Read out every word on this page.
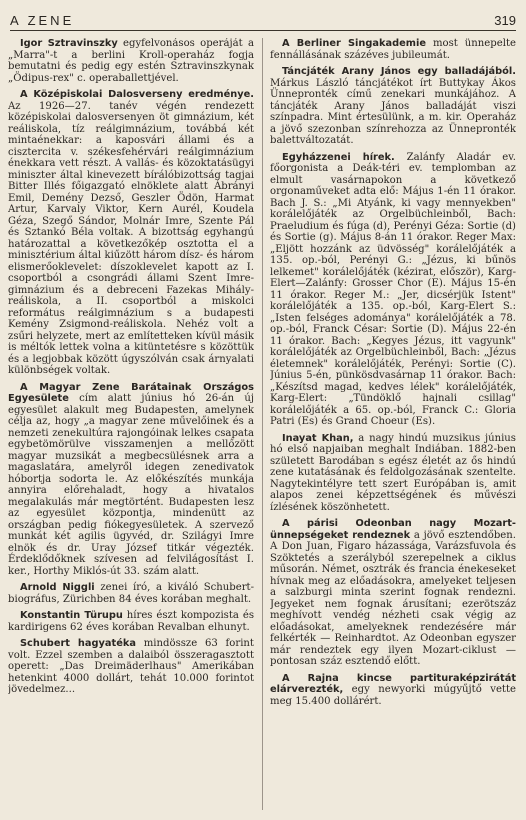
A ZENE	319

Igor Sztravinszky egyfelvonásos operáját a „Marra"-t a berlini Kroll-operaház fogja bemutatni és pedig egy estén Sztravinszkynak „Ödipus-rex" c. operaballettjével.

A Középiskolai Dalosverseny eredménye. Az 1926—27. tanév végén rendezett középiskolai dalosversenyen öt gimnázium, két reáliskola, tíz reálgimnázium, továbbá két mintaénekkar: a kaposvári állami és a cisztercita v. székesfehérvári reálgimnázium énekkara vett részt. A vallás- és közoktatásügyi miniszter által kinevezett bírálóbizottság tagjai Bitter Illés főigazgató elnöklete alatt Ábrányi Emil, Demény Dezső, Geszler Ödön, Harmat Artur, Karvaly Viktor, Kern Aurél, Koudela Géza, Szegő Sándor, Molnár Imre, Szente Pál és Sztankó Béla voltak. A bizottság egyhangú határozattal a következőkép osztotta el a minisztérium által kiűzött három dísz- és három elismerőoklevelet: díszoklevelet kapott az I. csoportból a csongrádi állami Szent Imre-gimnázium és a debreceni Fazekas Mihály-reáliskola, a II. csoportból a miskolci református reálgimnázium s a budapesti Kemény Zsigmond-reáliskola. Nehéz volt a zsűri helyzete, mert az említetteken kívül másik is méltók lettek volna a kitüntetésre s közöttük és a legjobbak között úgyszólván csak árnyalati különbségek voltak.

A Magyar Zene Barátainak Országos Egyesülete cím alatt június hó 26-án új egyesület alakult meg Budapesten, amelynek célja az, hogy „a magyar zene művelőinek és a nemzeti zenekultúra rajongóinak lelkes csapata egybetömörülve visszamenjen a mellőzött magyar muzsikát a megbecsülésnek arra a magaslatára, amelyről idegen zenedivatok hóbortja sodorta le. Az előkészítés munkája annyira előrehaladt, hogy a hivatalos megalakulás már megtörtént. Budapesten lesz az egyesület központja, mindenütt az országban pedig fiókegyesületek. A szervező munkát két agilis ügyvéd, dr. Szilágyi Imre elnök és dr. Uray József titkár végezték. Érdeklődőknek szívesen ad felvilágosítást I. ker., Horthy Miklós-út 33. szám alatt.

Arnold Niggli zenei író, a kiváló Schubert-biográfus, Zürichben 84 éves korában meghalt.

Konstantin Türupu híres észt kompozista és kardirigens 62 éves korában Revalban elhunyt.

Schubert hagyatéka mindössze 63 forint volt. Ezzel szemben a dalaiból összeragasztott operett: „Das Dreimäderlhaus" Amerikában hetenkint 4000 dollárt, tehát 10.000 forintot jövedelmez...

A Berliner Singakademie most ünnepelte fennállásának százéves jubileumát.

Táncjáték Arany János egy balladájából. Márkus László táncjátékot írt Buttykay Ákos Ünnepronték című zenekari munkájához. A táncjáték Arany János balladáját viszi színpadra. Mint értesülünk, a m. kir. Operaház a jövő szezonban színrehozza az Ünnepronték balettváltozatát.

Egyházzenei hírek. Zalánfy Aladár ev. főorgonista a Deák-téri ev. templomban az elmult vasárnapokon a következő orgonaműveket adta elő: Május 1-én 11 órakor. Bach J. S.: „Mi Atyánk, ki vagy mennyekben" korálelőjáték az Orgelbüchleinből, Bach: Praeludium és fúga (d), Perényi Géza: Sortie (d) és Sortie (g). Május 8-án 11 órakor. Reger Max: „Eljött hozzánk az üdvösség" korálelőjáték a 135. op.-ból, Perényi G.: „Jézus, ki bűnös lelkemet" korálelőjáték (kézirat, először), Karg-Elert—Zalánfy: Grosser Chor (E). Május 15-én 11 órakor. Reger M.: „Jer, dicsérjük Istent" korálelőjáték a 135. op.-ból, Karg-Elert S.: „Isten felséges adománya" korálelőjáték a 78. op.-ból, Franck César: Sortie (D). Május 22-én 11 órakor. Bach: „Kegyes Jézus, itt vagyunk" korálelőjáték az Orgelbüchleinből, Bach: „Jézus életemnek" korálelőjáték, Perényi: Sortie (C). Június 5-én, pünkösdvasárnap 11 órakor. Bach: „Készítsd magad, kedves lélek" korálelőjáték, Karg-Elert: „Tündöklő hajnali csillag" korálelőjáték a 65. op.-ból, Franck C.: Gloria Patri (Es) és Grand Choeur (Es).

Inayat Khan, a nagy hindú muzsikus június hó első napjaiban meghalt Indiában. 1882-ben született Barodában s egész életét az ős hindú zene kutatásának és feldolgozásának szentelte. Nagytekintélyre tett szert Európában is, amit alapos zenei képzettségének és művészi ízlésének köszönhetett.

A párisi Odeonban nagy Mozart-ünnepségeket rendeznek a jövő esztendőben. A Don Juan, Figaro házassága, Varázsfuvola és Szöktetés a szerályból szerepelnek a ciklus műsorán. Német, osztrák és francia énekeseket hívnak meg az előadásokra, amelyeket teljesen a salzburgi minta szerint fognak rendezni. Jegyeket nem fognak árusítani; ezerötszáz meghívott vendég nézheti csak végig az előadásokat, amelyeknek rendezésére már felkérték — Reinhardtot. Az Odeonban egyszer már rendeztek egy ilyen Mozart-ciklust — pontosan száz esztendő előtt.

A Rajna kincse partituraképzirátát elárverezték, egy newyorki múgyűjtő vette meg 15.400 dollárért.
